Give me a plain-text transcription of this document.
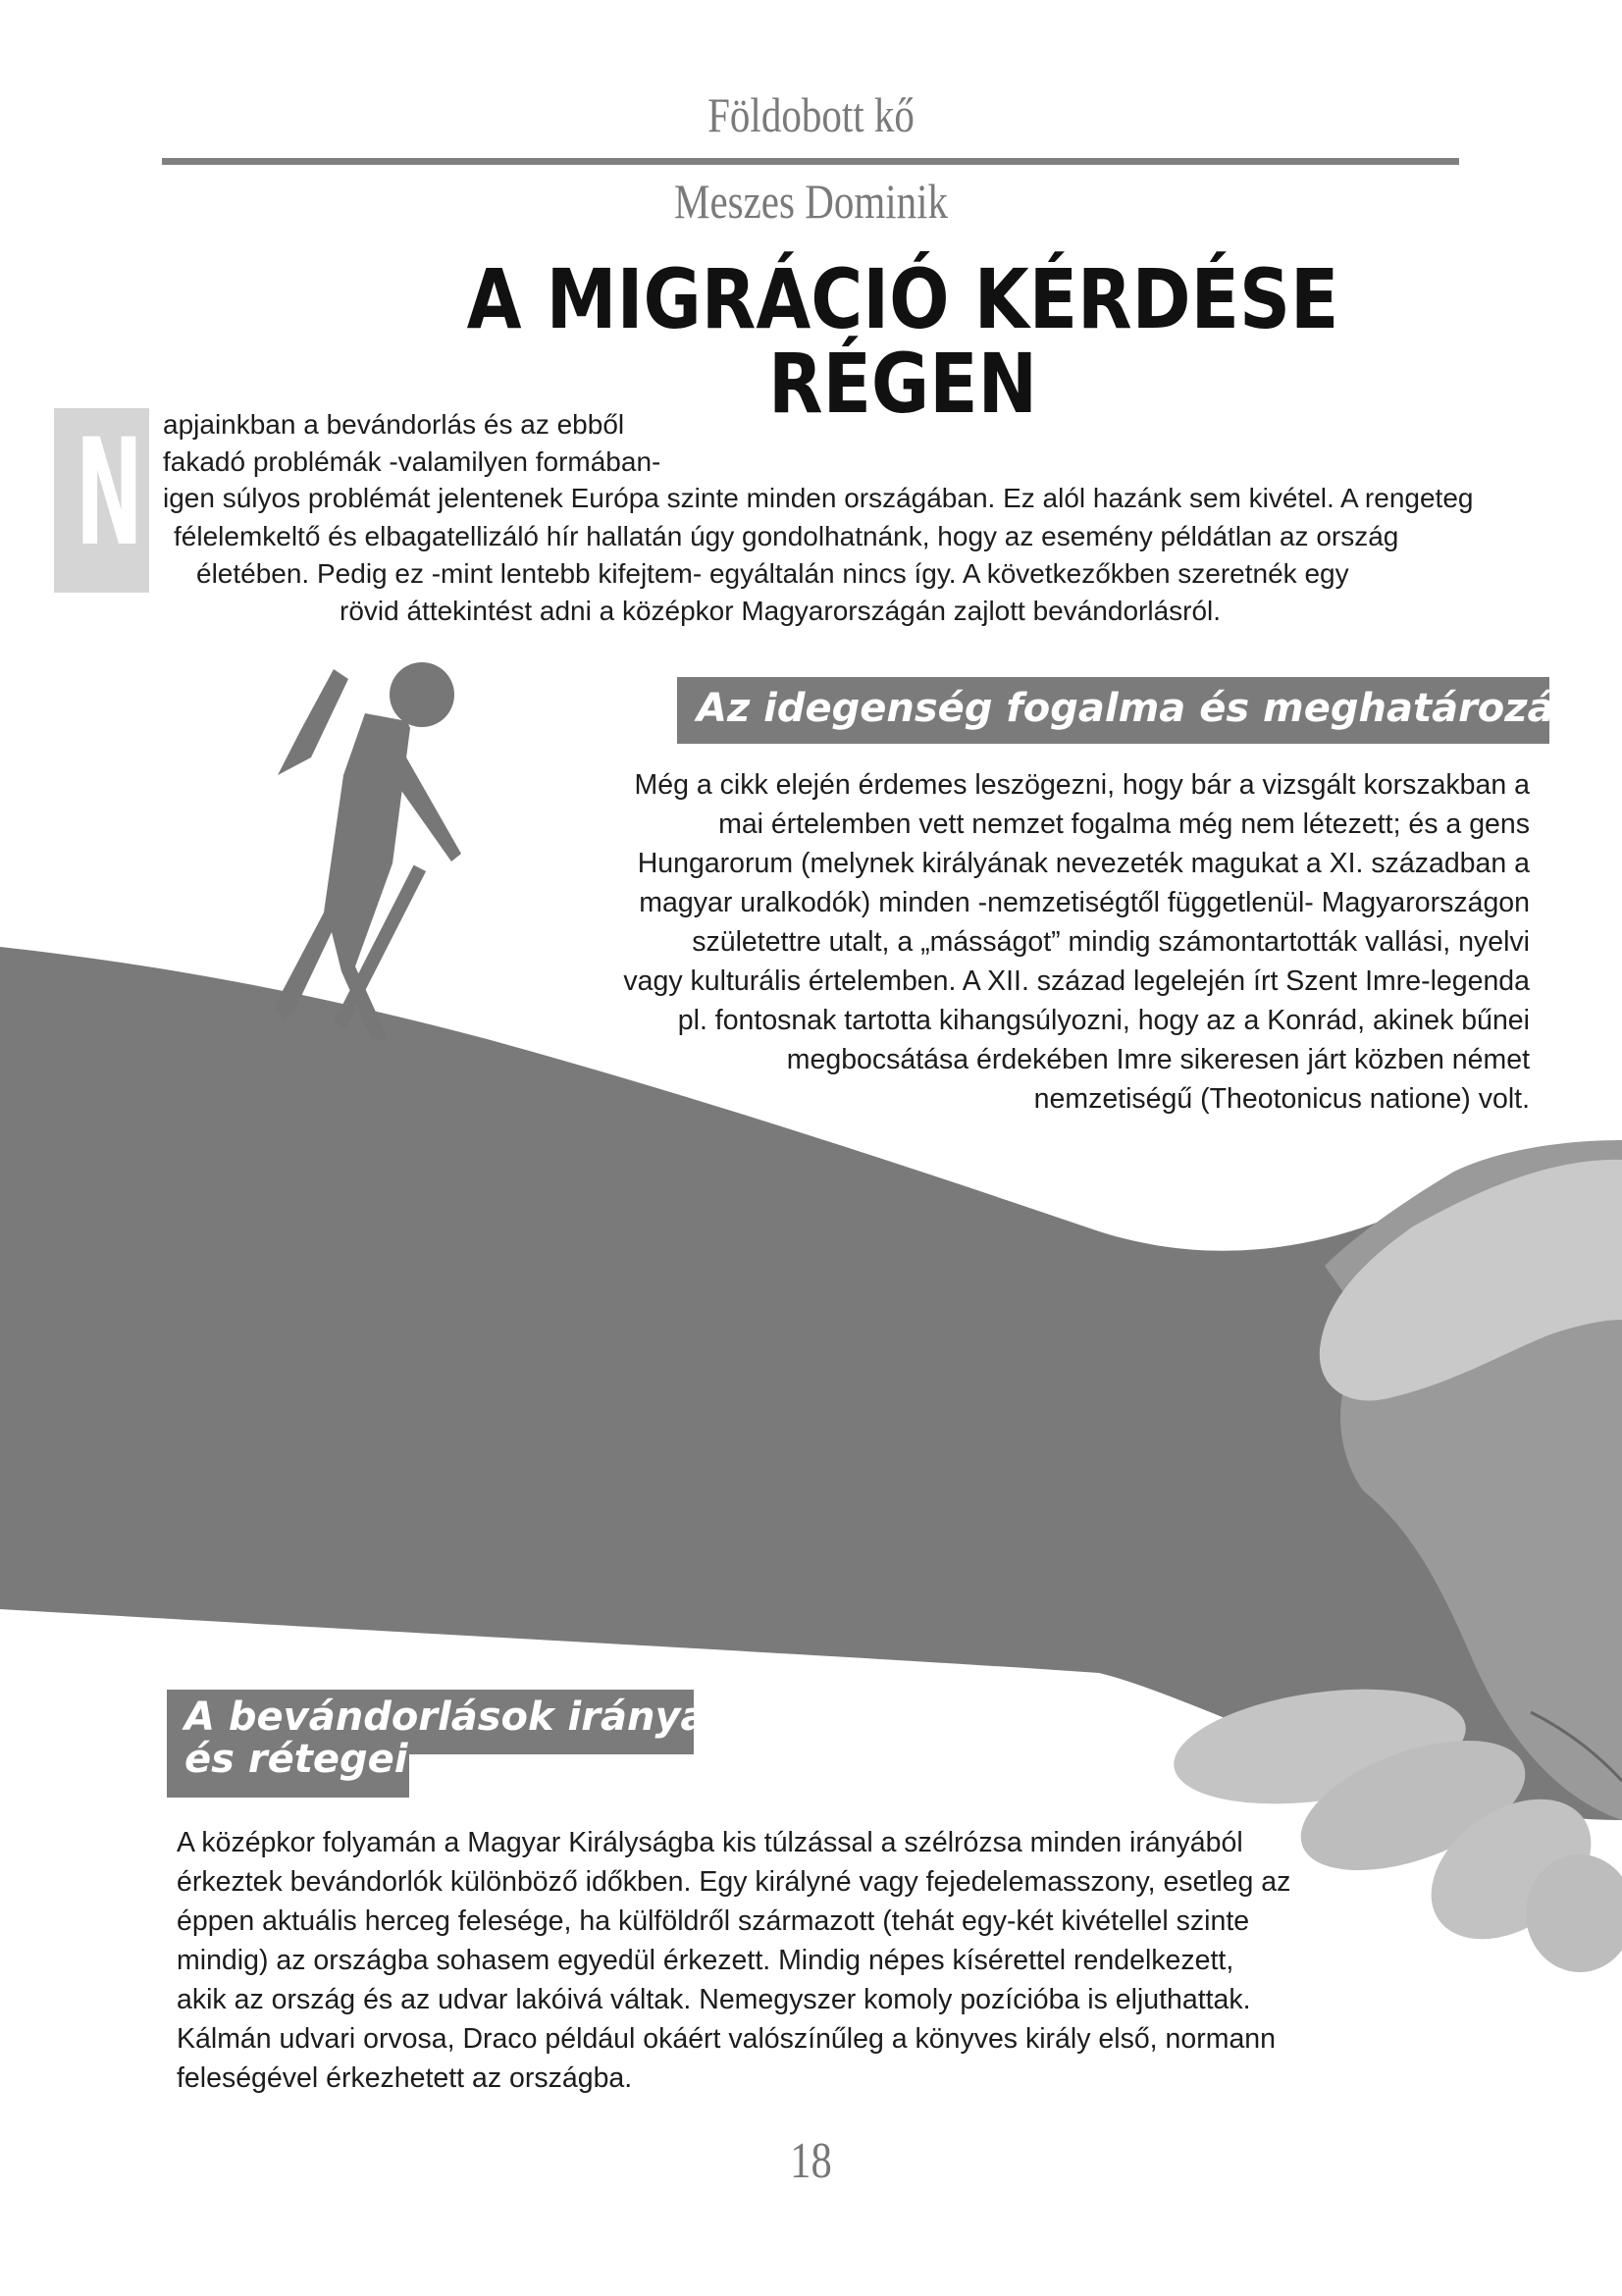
Földobott kő
Meszes Dominik
A MIGRÁCIÓ KÉRDÉSE
RÉGEN
N apjainkban a bevándorlás és az ebből
fakadó problémák -valamilyen formában-
igen súlyos problémát jelentenek Európa szinte minden országában. Ez alól hazánk sem kivétel. A rengeteg
félelemkeltő és elbagatellizáló hír hallatán úgy gondolhatnánk, hogy az esemény példátlan az ország
életében. Pedig ez -mint lentebb kifejtem- egyáltalán nincs így. A következőkben szeretnék egy
rövid áttekintést adni a középkor Magyarországán zajlott bevándorlásról.
Az idegenség fogalma és meghatározása
Még a cikk elején érdemes leszögezni, hogy bár a vizsgált korszakban a
mai értelemben vett nemzet fogalma még nem létezett; és a gens
Hungarorum (melynek királyának nevezeték magukat a XI. században a
magyar uralkodók) minden -nemzetiségtől függetlenül- Magyarországon
születettre utalt, a „másságot” mindig számontartották vallási, nyelvi
vagy kulturális értelemben. A XII. század legelején írt Szent Imre-legenda
pl. fontosnak tartotta kihangsúlyozni, hogy az a Konrád, akinek bűnei
megbocsátása érdekében Imre sikeresen járt közben német
nemzetiségű (Theotonicus natione) volt.
A bevándorlások irányai
és rétegei
A középkor folyamán a Magyar Királyságba kis túlzással a szélrózsa minden irányából
érkeztek bevándorlók különböző időkben. Egy királyné vagy fejedelemasszony, esetleg az
éppen aktuális herceg felesége, ha külföldről származott (tehát egy-két kivétellel szinte
mindig) az országba sohasem egyedül érkezett. Mindig népes kísérettel rendelkezett,
akik az ország és az udvar lakóivá váltak. Nemegyszer komoly pozícióba is eljuthattak.
Kálmán udvari orvosa, Draco például okáért valószínűleg a könyves király első, normann
feleségével érkezhetett az országba.
18
